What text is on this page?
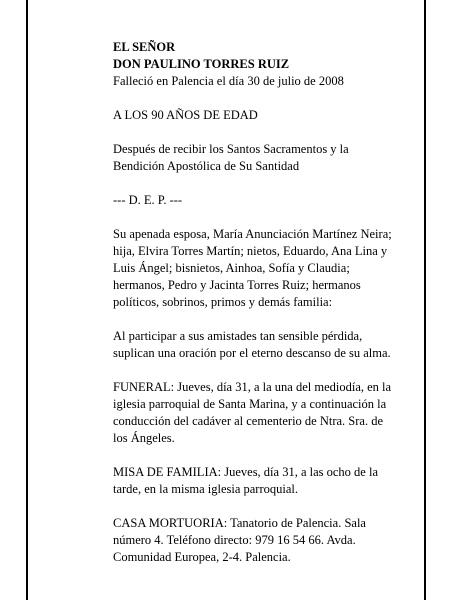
EL SEÑOR
DON PAULINO TORRES RUIZ
Falleció en Palencia el día 30 de julio de 2008

A LOS 90 AÑOS DE EDAD

Después de recibir los Santos Sacramentos y la
Bendición Apostólica de Su Santidad

--- D. E. P. ---

Su apenada esposa, María Anunciación Martínez Neira;
hija, Elvira Torres Martín; nietos, Eduardo, Ana Lina y
Luis Ángel; bisnietos, Ainhoa, Sofía y Claudia;
hermanos, Pedro y Jacinta Torres Ruiz; hermanos
políticos, sobrinos, primos y demás familia:

Al participar a sus amistades tan sensible pérdida,
suplican una oración por el eterno descanso de su alma.

FUNERAL: Jueves, día 31, a la una del mediodía, en la
iglesia parroquial de Santa Marina, y a continuación la
conducción del cadáver al cementerio de Ntra. Sra. de
los Ángeles.

MISA DE FAMILIA: Jueves, día 31, a las ocho de la
tarde, en la misma iglesia parroquial.

CASA MORTUORIA: Tanatorio de Palencia. Sala
número 4. Teléfono directo: 979 16 54 66. Avda.
Comunidad Europea, 2-4. Palencia.
